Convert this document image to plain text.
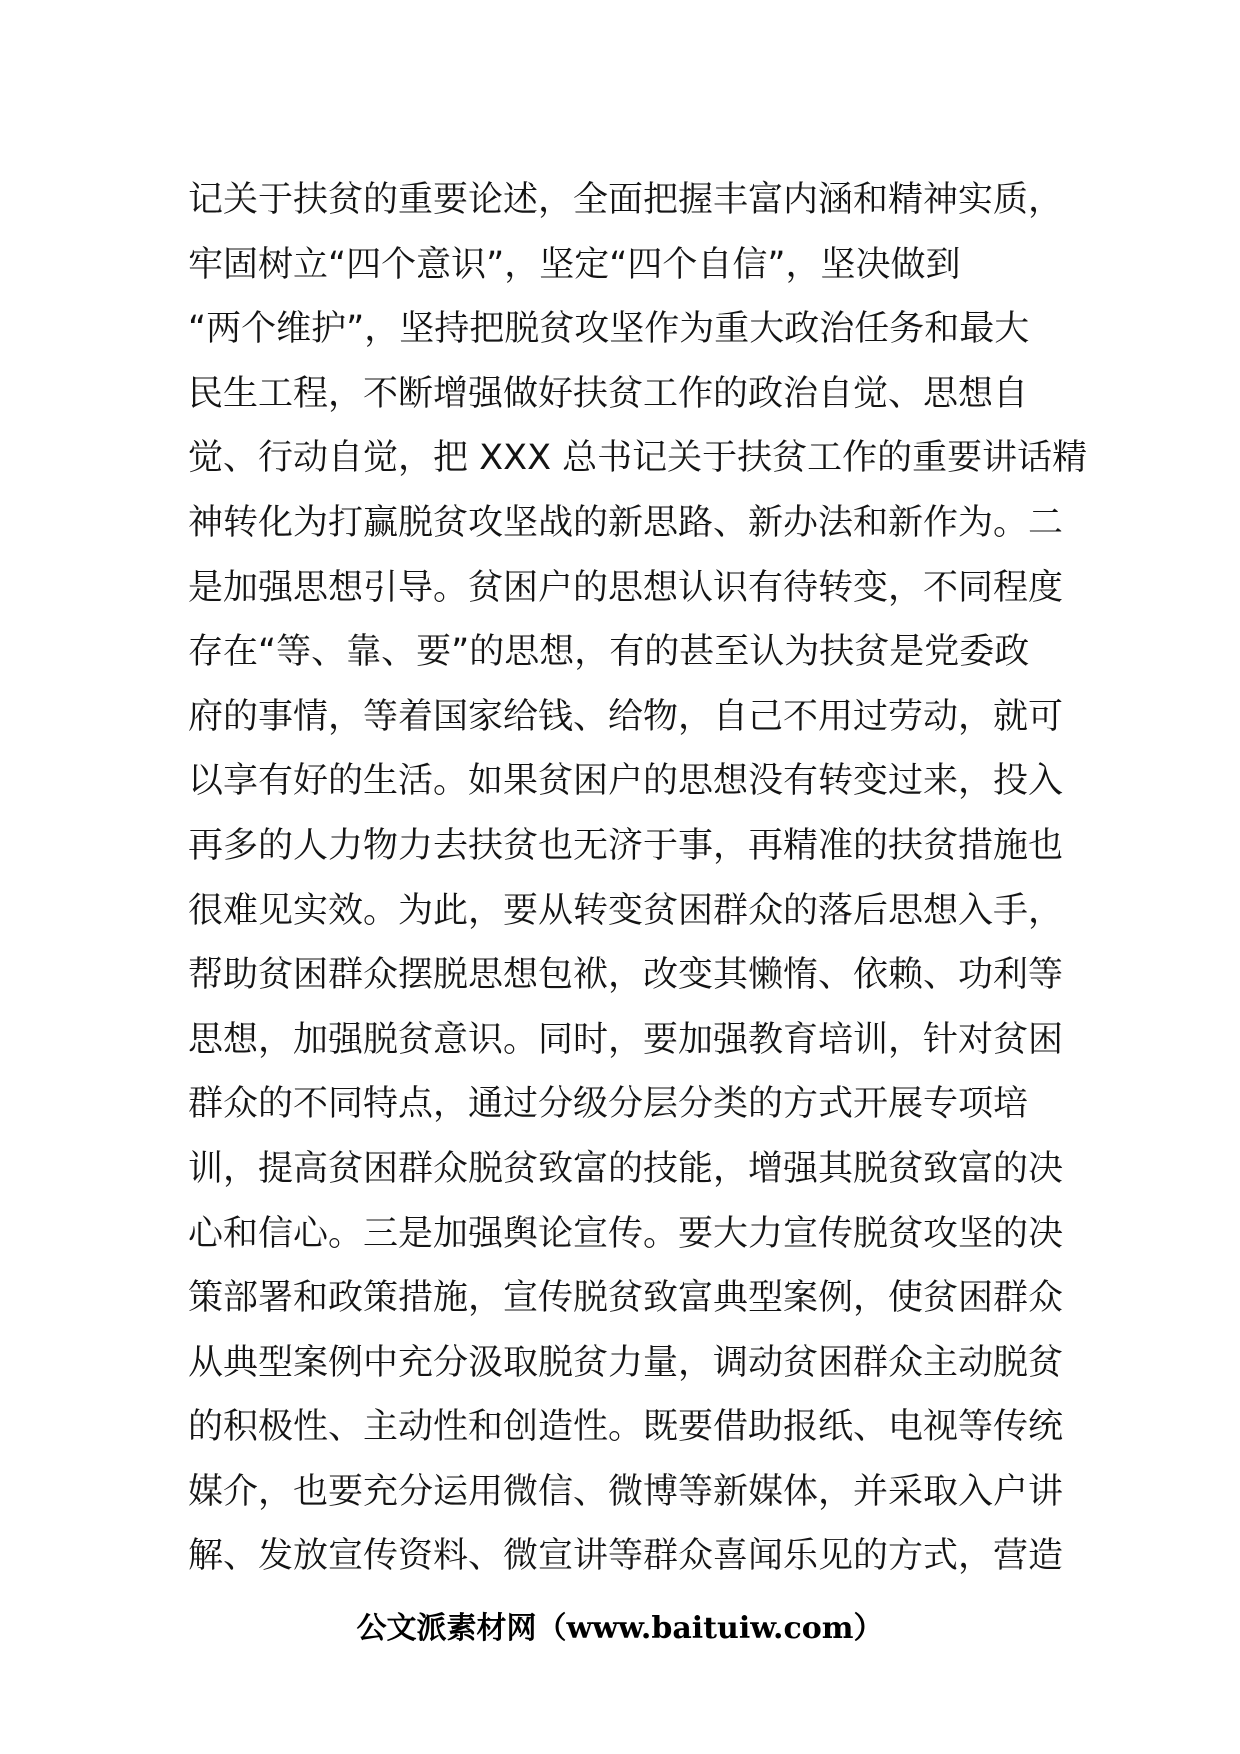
记关于扶贫的重要论述，全面把握丰富内涵和精神实质，
牢固树立“四个意识”，坚定“四个自信”，坚决做到
“两个维护”，坚持把脱贫攻坚作为重大政治任务和最大
民生工程，不断增强做好扶贫工作的政治自觉、思想自
觉、行动自觉，把 XXX 总书记关于扶贫工作的重要讲话精
神转化为打赢脱贫攻坚战的新思路、新办法和新作为。二
是加强思想引导。贫困户的思想认识有待转变，不同程度
存在“等、靠、要”的思想，有的甚至认为扶贫是党委政
府的事情，等着国家给钱、给物，自己不用过劳动，就可
以享有好的生活。如果贫困户的思想没有转变过来，投入
再多的人力物力去扶贫也无济于事，再精准的扶贫措施也
很难见实效。为此，要从转变贫困群众的落后思想入手，
帮助贫困群众摆脱思想包袱，改变其懒惰、依赖、功利等
思想，加强脱贫意识。同时，要加强教育培训，针对贫困
群众的不同特点，通过分级分层分类的方式开展专项培
训，提高贫困群众脱贫致富的技能，增强其脱贫致富的决
心和信心。三是加强舆论宣传。要大力宣传脱贫攻坚的决
策部署和政策措施，宣传脱贫致富典型案例，使贫困群众
从典型案例中充分汲取脱贫力量，调动贫困群众主动脱贫
的积极性、主动性和创造性。既要借助报纸、电视等传统
媒介，也要充分运用微信、微博等新媒体，并采取入户讲
解、发放宣传资料、微宣讲等群众喜闻乐见的方式，营造
公文派素材网（www.baituiw.com）
